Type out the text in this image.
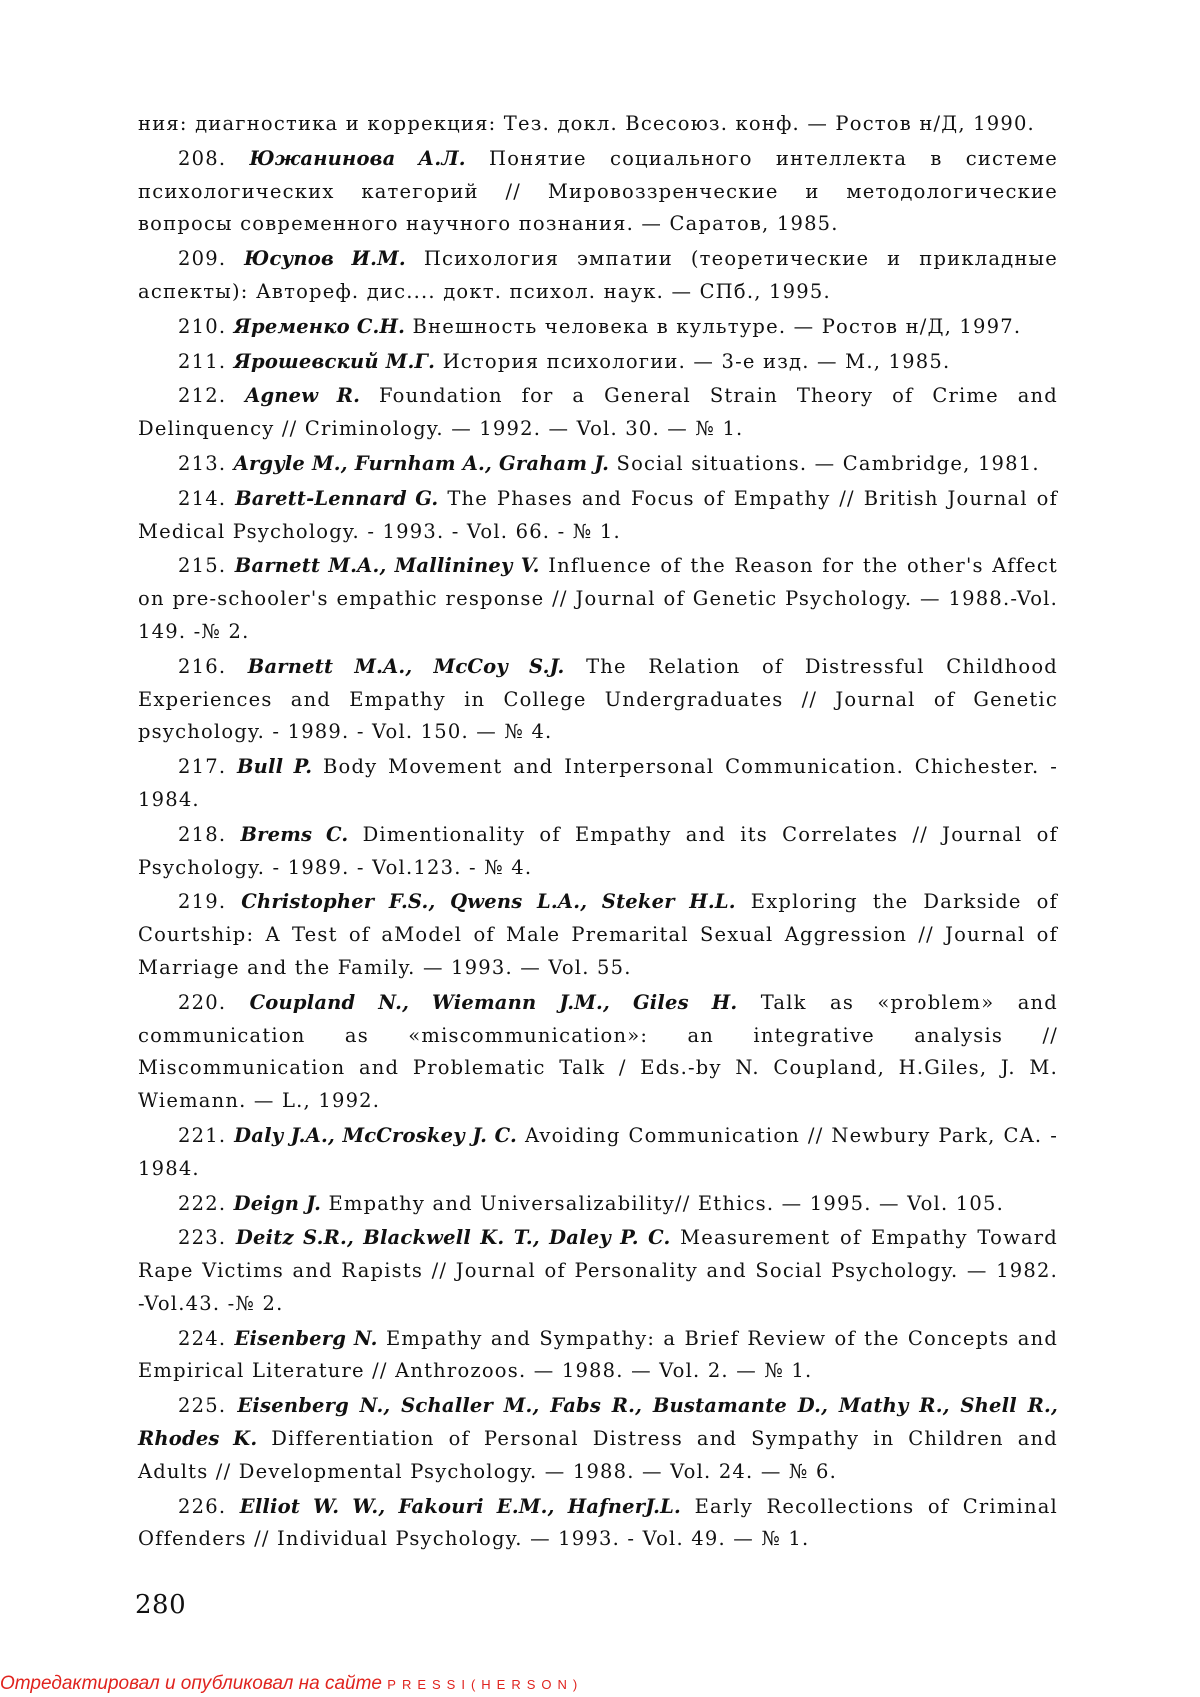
ния: диагностика и коррекция: Тез. докл. Всесоюз. конф. — Ростов н/Д, 1990.

208. Южанинова А.Л. Понятие социального интеллекта в системе психологических категорий // Мировоззренческие и методологические вопросы современного научного познания. — Саратов, 1985.

209. Юсупов И.М. Психология эмпатии (теоретические и прикладные аспекты): Автореф. дис.... докт. психол. наук. — СПб., 1995.

210. Яременко С.Н. Внешность человека в культуре. — Ростов н/Д, 1997.

211. Ярошевский М.Г. История психологии. — 3-е изд. — М., 1985.

212. Agnew R. Foundation for a General Strain Theory of Crime and Delinquency // Criminology. — 1992. — Vol. 30. — № 1.

213. Argyle M., Furnham A., Graham J. Social situations. — Cambridge, 1981.

214. Barett-Lennard G. The Phases and Focus of Empathy // British Journal of Medical Psychology. - 1993. - Vol. 66. - № 1.

215. Barnett M.A., Mallininey V. Influence of the Reason for the other's Affect on pre-schooler's empathic response // Journal of Genetic Psychology. — 1988.-Vol. 149. -№ 2.

216. Barnett M.A., McCoy S.J. The Relation of Distressful Childhood Experiences and Empathy in College Undergraduates // Journal of Genetic psychology. - 1989. - Vol. 150. — № 4.

217. Bull P. Body Movement and Interpersonal Communication. Chichester. - 1984.

218. Brems C. Dimentionality of Empathy and its Correlates // Journal of Psychology. - 1989. - Vol.123. - № 4.

219. Christopher F.S., Qwens L.A., Steker H.L. Exploring the Darkside of Courtship: A Test of aModel of Male Premarital Sexual Aggression // Journal of Marriage and the Family. — 1993. — Vol. 55.

220. Coupland N., Wiemann J.M., Giles H. Talk as «problem» and communication as «miscommunication»: an integrative analysis // Miscommunication and Problematic Talk / Eds.-by N. Coupland, H.Giles, J. M. Wiemann. — L., 1992.

221. Daly J.A., McCroskey J. C. Avoiding Communication // Newbury Park, CA. - 1984.

222. Deign J. Empathy and Universalizability// Ethics. — 1995. — Vol. 105.

223. Deitz S.R., Blackwell K. T., Daley P. C. Measurement of Empathy Toward Rape Victims and Rapists // Journal of Personality and Social Psychology. — 1982. -Vol.43. -№ 2.

224. Eisenberg N. Empathy and Sympathy: a Brief Review of the Concepts and Empirical Literature // Anthrozoos. — 1988. — Vol. 2. — № 1.

225. Eisenberg N., Schaller M., Fabs R., Bustamante D., Mathy R., Shell R., Rhodes K. Differentiation of Personal Distress and Sympathy in Children and Adults // Developmental Psychology. — 1988. — Vol. 24. — № 6.

226. Elliot W. W., Fakouri E.M., HafnerJ.L. Early Recollections of Criminal Offenders // Individual Psychology. — 1993. - Vol. 49. — № 1.

280
Отредактировал и опубликовал на сайте PRESSI(HERSON)
